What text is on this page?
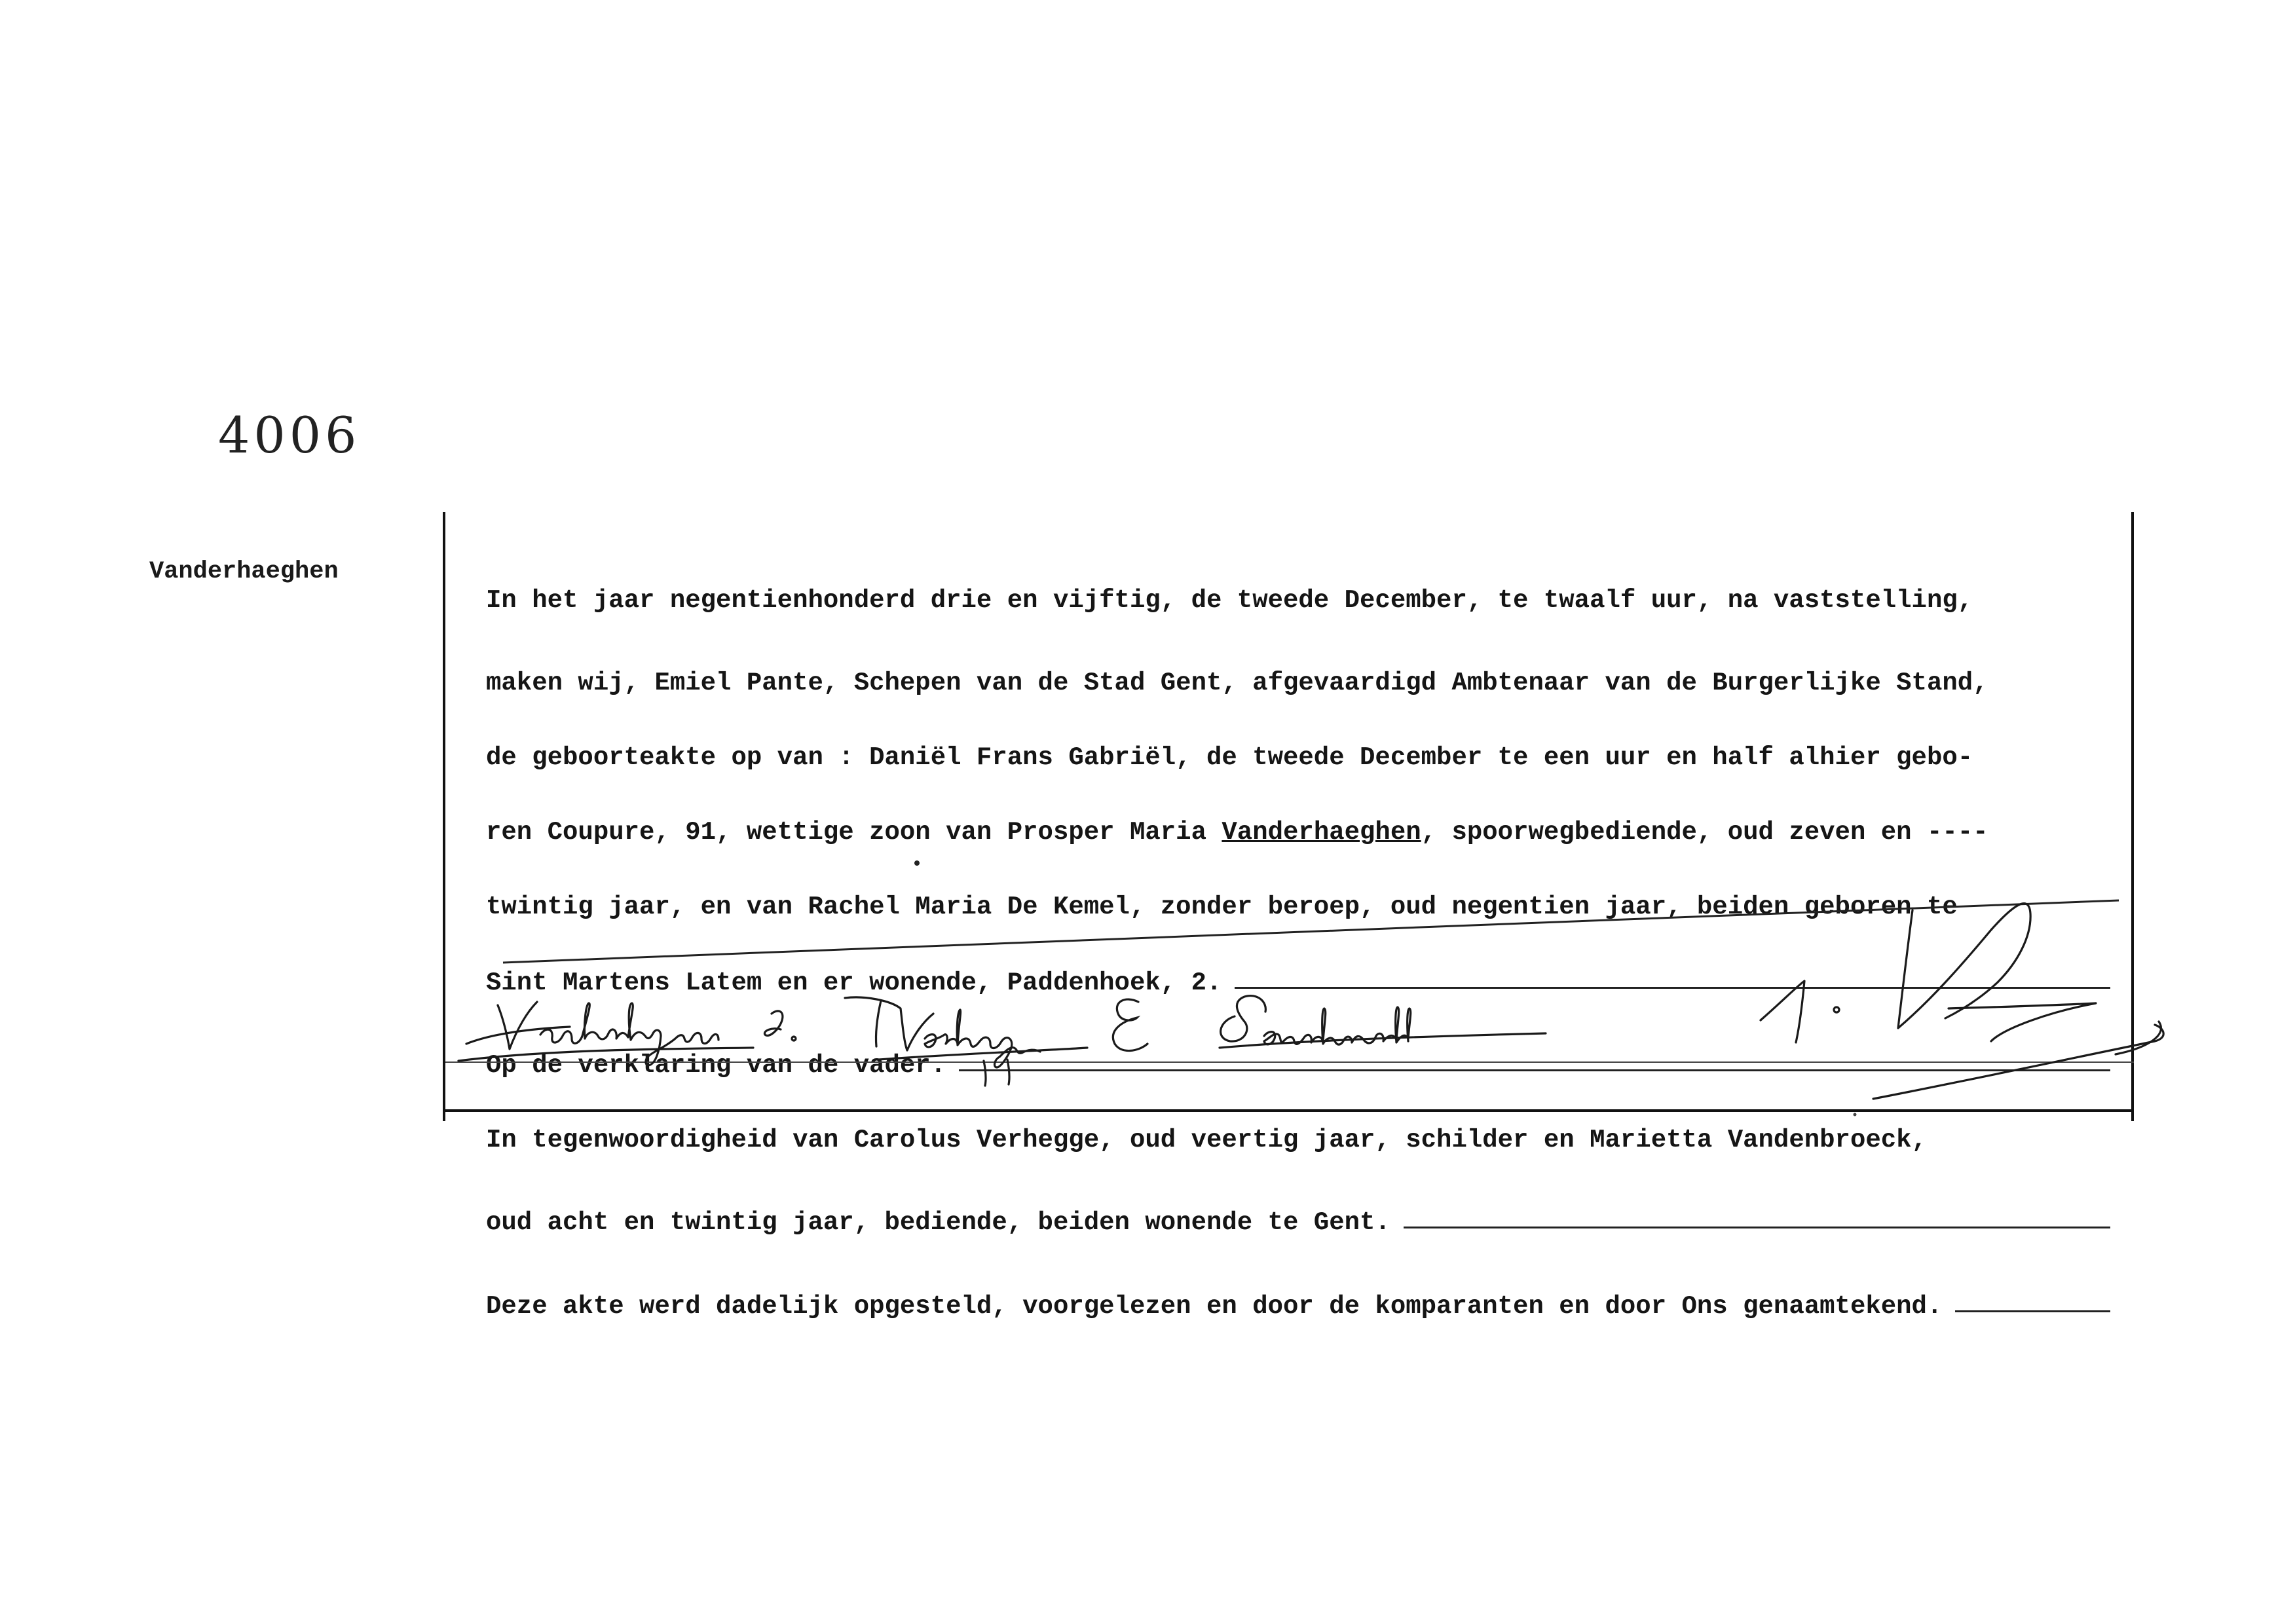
4006
Vanderhaeghen

In het jaar negentienhonderd drie en vijftig, de tweede December, te twaalf uur, na vaststelling,

maken wij, Emiel Pante, Schepen van de Stad Gent, afgevaardigd Ambtenaar van de Burgerlijke Stand,

de geboorteakte op van : Daniël Frans Gabriël, de tweede December te een uur en half alhier gebo-

ren Coupure, 91, wettige zoon van Prosper Maria Vanderhaeghen, spoorwegbediende, oud zeven en ----

twintig jaar, en van Rachel Maria De Kemel, zonder beroep, oud negentien jaar, beiden geboren te

Sint Martens Latem en er wonende, Paddenhoek, 2.

Op de verklaring van de vader.

In tegenwoordigheid van Carolus Verhegge, oud veertig jaar, schilder en Marietta Vandenbroeck,

oud acht en twintig jaar, bediende, beiden wonende te Gent.

Deze akte werd dadelijk opgesteld, voorgelezen en door de komparanten en door Ons genaamtekend.
